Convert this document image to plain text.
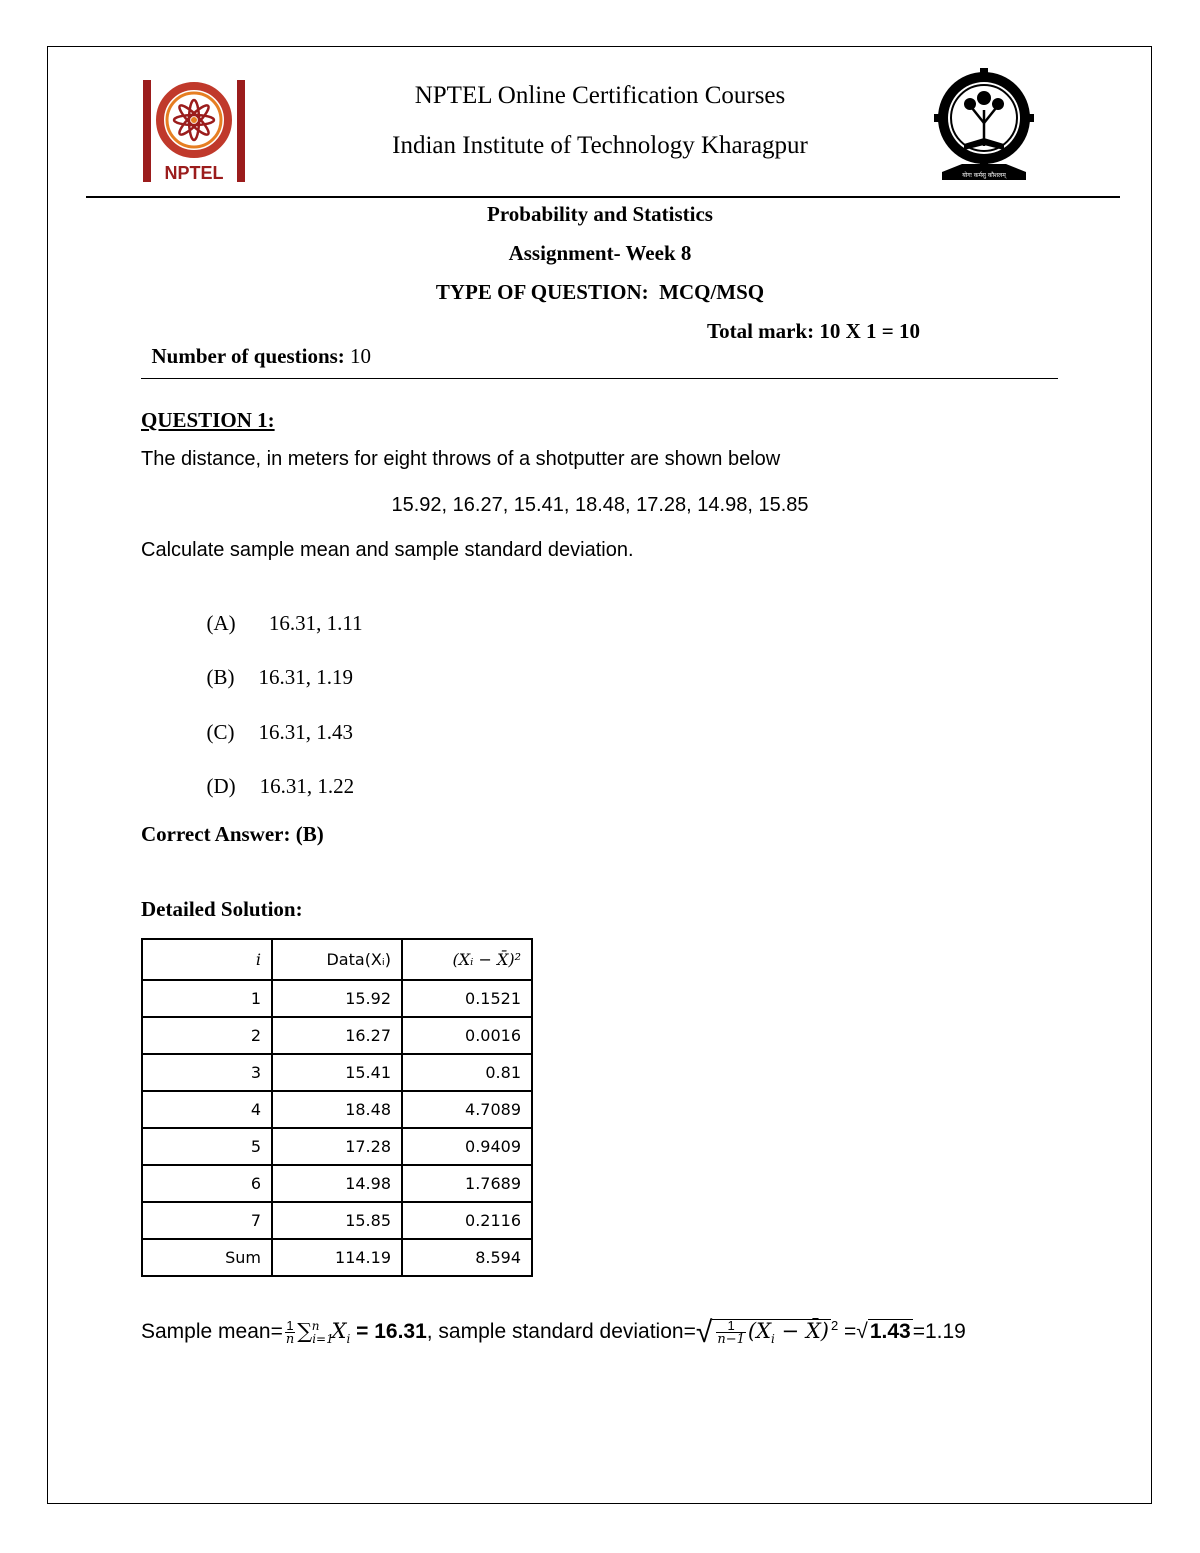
NPTEL
NPTEL Online Certification Courses
Indian Institute of Technology Kharagpur
योगः कर्मसु कौशलम्
Probability and Statistics
Assignment- Week 8
TYPE OF QUESTION:  MCQ/MSQ

Number of questions: 10

Total mark: 10 X 1 = 10
QUESTION 1:
The distance, in meters for eight throws of a shotputter are shown below
15.92, 16.27, 15.41, 18.48, 17.28, 14.98, 15.85
Calculate sample mean and sample standard deviation.

(A) 16.31, 1.11

(B) 16.31, 1.19

(C) 16.31, 1.43

(D) 16.31, 1.22

Correct Answer: (B)
Detailed Solution:
i	Data(Xᵢ)	(Xᵢ − X̄)²
1	15.92	0.1521
2	16.27	0.0016
3	15.41	0.81
4	18.48	4.7089
5	17.28	0.9409
6	14.98	1.7689
7	15.85	0.2116
Sum	114.19	8.594
Sample mean= $\frac{1}{n} \sum_{i=1}^n$ $X_i = 16.31$, sample standard deviation=√ $\frac{1}{n-1} (X_i$ − X̄) $^2$ =√1.43=1.19
